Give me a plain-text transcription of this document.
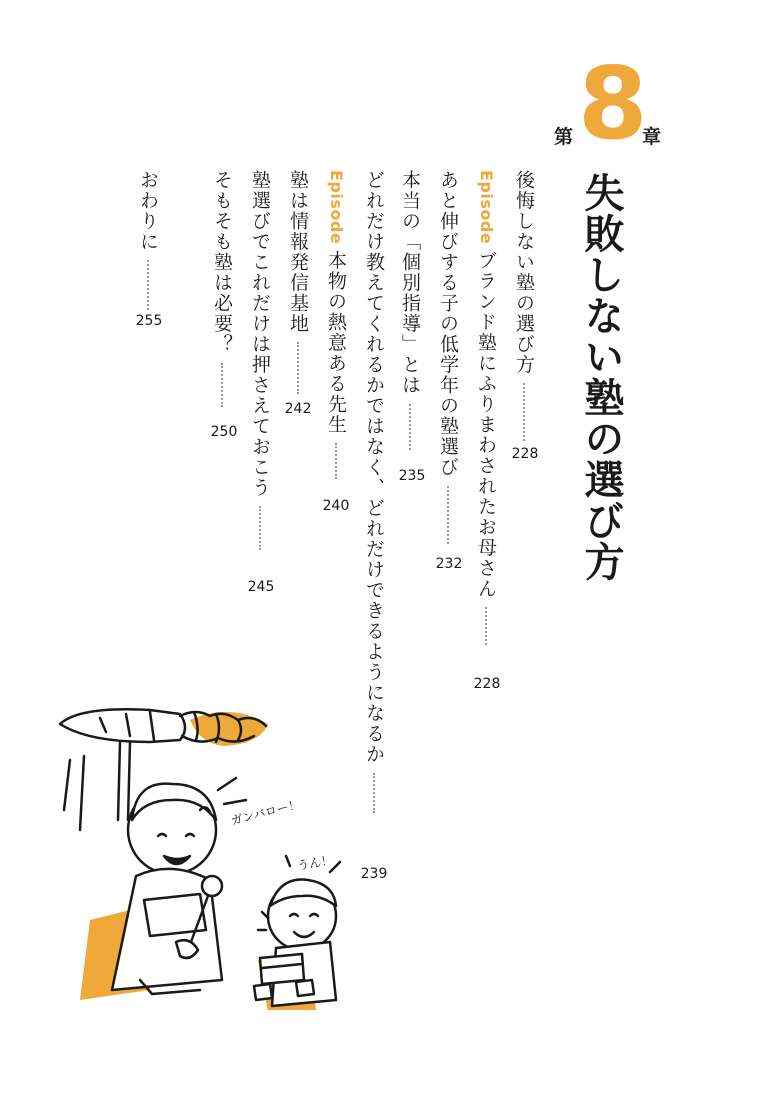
第 8
章
失敗しない塾の選び方
後悔しない塾の選び方
228
Episodeブランド塾にふりまわされたお母さん
228
あと伸びする子の低学年の塾選び
232
本当の「個別指導」とは
235
どれだけ教えてくれるかではなく、どれだけできるようになるか
239
Episode本物の熱意ある先生
240
塾は情報発信基地
242
塾選びでこれだけは押さえておこう
245
そもそも塾は必要？
250
おわりに
255
ガンバロー！
うん！
